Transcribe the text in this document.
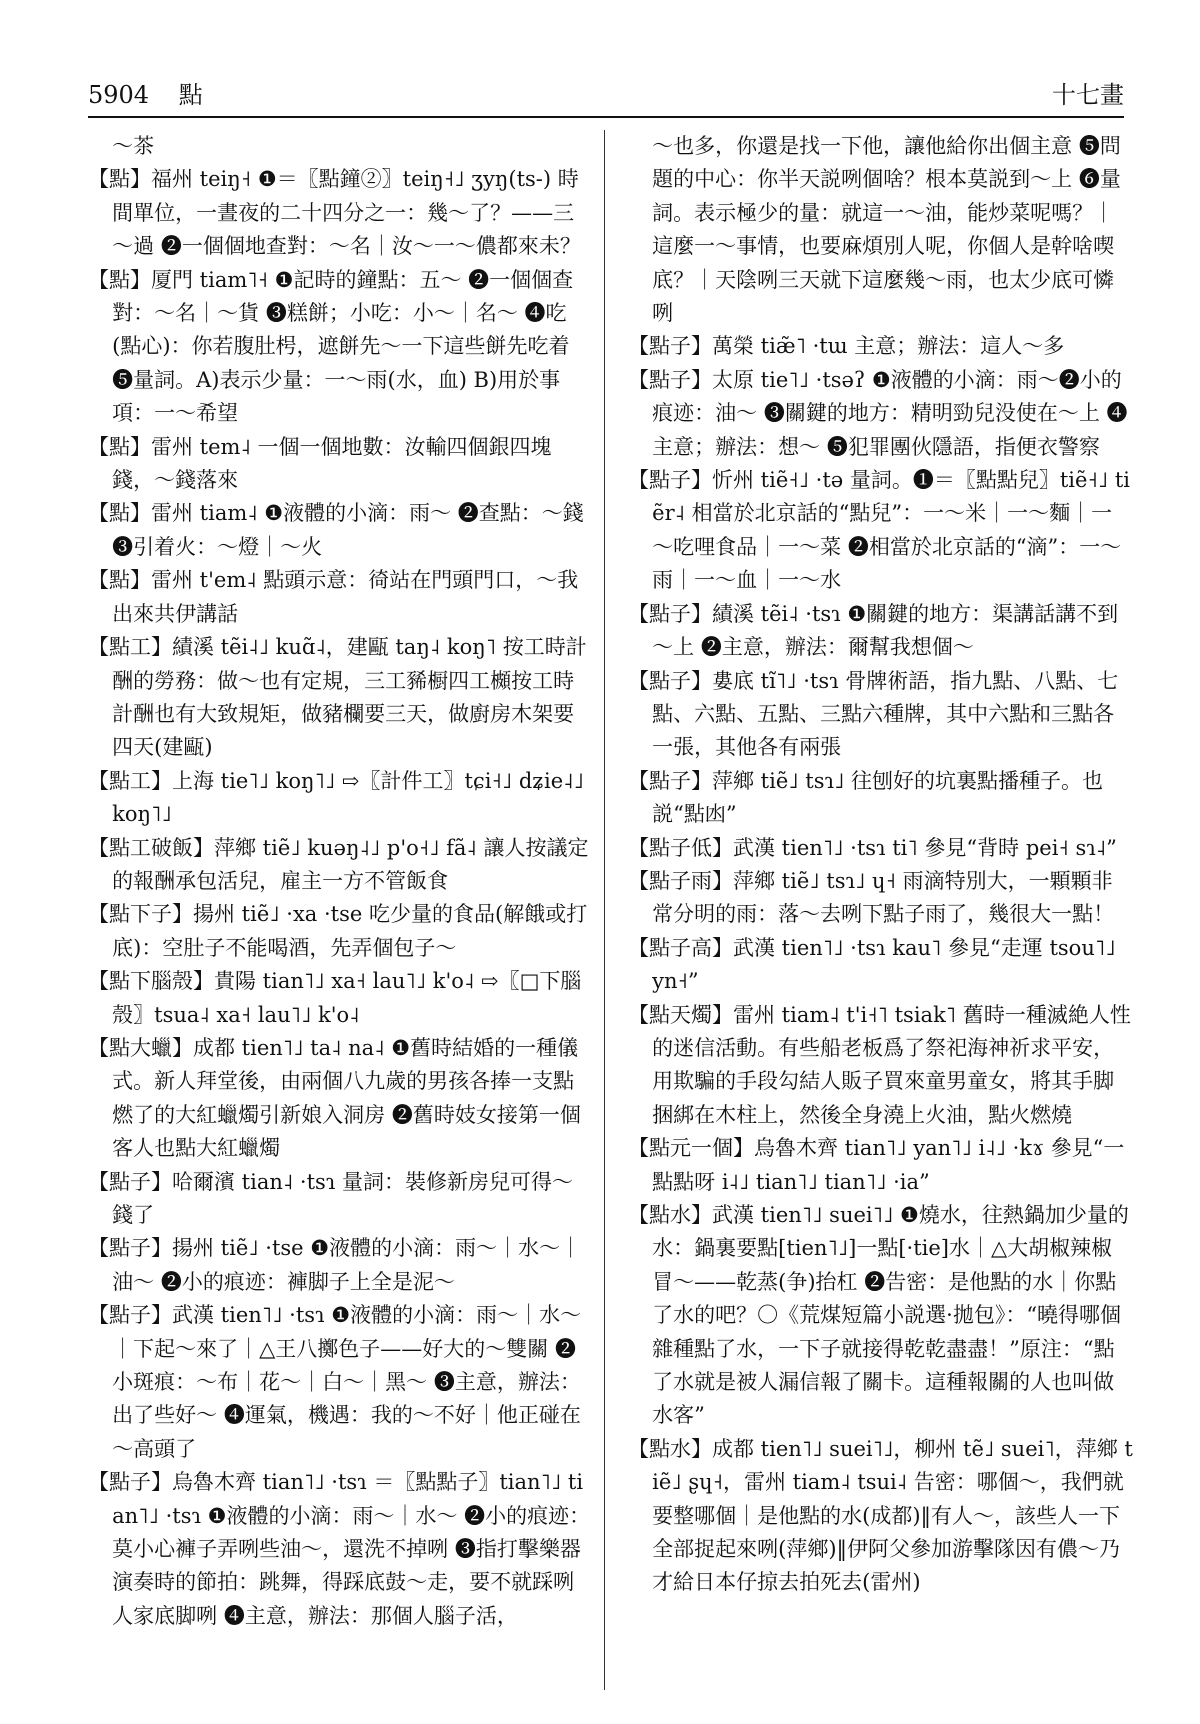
5904 點	十七畫

～茶

【點】福州 teiŋ˧ ❶＝〖點鐘②〗teiŋ˧˩ ʒyŋ(ts-) 時間單位，一晝夜的二十四分之一：幾～了？——三～過 ❷一個個地查對：～名｜汝～一～儂都來未？

【點】厦門 tiam˥˧ ❶記時的鐘點：五～ ❷一個個查對：～名｜～貨 ❸糕餅；小吃：小～｜名～ ❹吃(點心)：你若腹肚枵，遮餅先～一下這些餅先吃着 ❺量詞。A)表示少量：一～雨(水，血) B)用於事項：一～希望

【點】雷州 tem˨ 一個一個地數：汝輸四個銀四塊錢，～錢落來

【點】雷州 tiam˨ ❶液體的小滴：雨～ ❷查點：～錢 ❸引着火：～燈｜～火

【點】雷州 t'em˨ 點頭示意：徛站在門頭門口，～我出來共伊講話

【點工】績溪 tẽi˨˩ kuɑ̃˨，建甌 taŋ˨ koŋ˥ 按工時計酬的勞務：做～也有定規，三工豨橱四工櫇按工時計酬也有大致規矩，做豬欄要三天，做廚房木架要四天(建甌)

【點工】上海 tie˥˩ koŋ˥˩ ⇨〖計件工〗tɕi˧˩ dʑie˨˩ koŋ˥˩

【點工破飯】萍鄉 tiẽ˩ kuəŋ˨˩ p'o˧˩ fã˨ 讓人按議定的報酬承包活兒，雇主一方不管飯食

【點下子】揚州 tiẽ˩ ·xa ·tse 吃少量的食品(解餓或打底)：空肚子不能喝酒，先弄個包子～

【點下腦殼】貴陽 tian˥˩ xa˧ lau˥˩ k'o˨ ⇨〖□下腦殼〗tsua˨ xa˧ lau˥˩ k'o˨

【點大蠟】成都 tien˥˩ ta˨ na˨ ❶舊時結婚的一種儀式。新人拜堂後，由兩個八九歲的男孩各捧一支點燃了的大紅蠟燭引新娘入洞房 ❷舊時妓女接第一個客人也點大紅蠟燭

【點子】哈爾濱 tian˨ ·tsɿ 量詞：裝修新房兒可得～錢了

【點子】揚州 tiẽ˩ ·tse ❶液體的小滴：雨～｜水～｜油～ ❷小的痕迹：褲脚子上全是泥～

【點子】武漢 tien˥˩ ·tsɿ ❶液體的小滴：雨～｜水～｜下起～來了｜△王八擲色子——好大的～雙關 ❷小斑痕：～布｜花～｜白～｜黑～ ❸主意，辦法：出了些好～ ❹運氣，機遇：我的～不好｜他正碰在～高頭了

【點子】烏魯木齊 tian˥˩ ·tsɿ ＝〖點點子〗tian˥˩ tian˥˩ ·tsɿ ❶液體的小滴：雨～｜水～ ❷小的痕迹：莫小心褲子弄咧些油～，還洗不掉咧 ❸指打擊樂器演奏時的節拍：跳舞，得踩底鼓～走，要不就踩咧人家底脚咧 ❹主意，辦法：那個人腦子活，

～也多，你還是找一下他，讓他給你出個主意 ❺問題的中心：你半天説咧個啥？根本莫説到～上 ❻量詞。表示極少的量：就這一～油，能炒菜呢嗎？｜這麼一～事情，也要麻煩別人呢，你個人是幹啥喫底？｜天陰咧三天就下這麼幾～雨，也太少底可憐咧

【點子】萬榮 tiæ̃˥ ·tɯ 主意；辦法：這人～多

【點子】太原 tie˥˩ ·tsəʔ ❶液體的小滴：雨～❷小的痕迹：油～ ❸關鍵的地方：精明勁兒没使在～上 ❹主意；辦法：想～ ❺犯罪團伙隱語，指便衣警察

【點子】忻州 tiẽ˧˩ ·tə 量詞。❶＝〖點點兒〗tiẽ˧˩ tiẽr˨ 相當於北京話的“點兒”：一～米｜一～麵｜一～吃哩食品｜一～菜 ❷相當於北京話的“滴”：一～雨｜一～血｜一～水

【點子】績溪 tẽi˨ ·tsɿ ❶關鍵的地方：渠講話講不到～上 ❷主意，辦法：爾幫我想個～

【點子】婁底 tĩ˥˩ ·tsɿ 骨牌術語，指九點、八點、七點、六點、五點、三點六種牌，其中六點和三點各一張，其他各有兩張

【點子】萍鄉 tiẽ˩ tsɿ˩ 往刨好的坑裏點播種子。也説“點凼”

【點子低】武漢 tien˥˩ ·tsɿ ti˥ 參見“背時 pei˧ sɿ˨”

【點子雨】萍鄉 tiẽ˩ tsɿ˩ ɥ˧ 雨滴特別大，一顆顆非常分明的雨：落～去咧下點子雨了，幾很大一點！

【點子高】武漢 tien˥˩ ·tsɿ kau˥ 參見“走運 tsou˥˩ yn˧”

【點天燭】雷州 tiam˨ t'i˧˥ tsiak˥ 舊時一種滅絶人性的迷信活動。有些船老板爲了祭祀海神祈求平安，用欺騙的手段勾結人販子買來童男童女，將其手脚捆綁在木柱上，然後全身澆上火油，點火燃燒

【點元一個】烏魯木齊 tian˥˩ yan˥˩ i˨˩ ·kɤ 參見“一點點呀 i˨˩ tian˥˩ tian˥˩ ·ia”

【點水】武漢 tien˥˩ suei˥˩ ❶燒水，往熱鍋加少量的水：鍋裏要點[tien˥˩]一點[·tie]水｜△大胡椒辣椒冒～——乾蒸(争)抬杠 ❷告密：是他點的水｜你點了水的吧？〇《荒煤短篇小説選·拋包》：“曉得哪個雜種點了水，一下子就接得乾乾盡盡！”原注：“點了水就是被人漏信報了關卡。這種報關的人也叫做水客”

【點水】成都 tien˥˩ suei˥˩，柳州 tẽ˩ suei˥，萍鄉 tiẽ˩ ʂɥ˧，雷州 tiam˨ tsui˨ 告密：哪個～，我們就要整哪個｜是他點的水(成都)‖有人～，該些人一下全部捉起來咧(萍鄉)‖伊阿父參加游擊隊因有儂～乃才給日本仔掠去拍死去(雷州)
